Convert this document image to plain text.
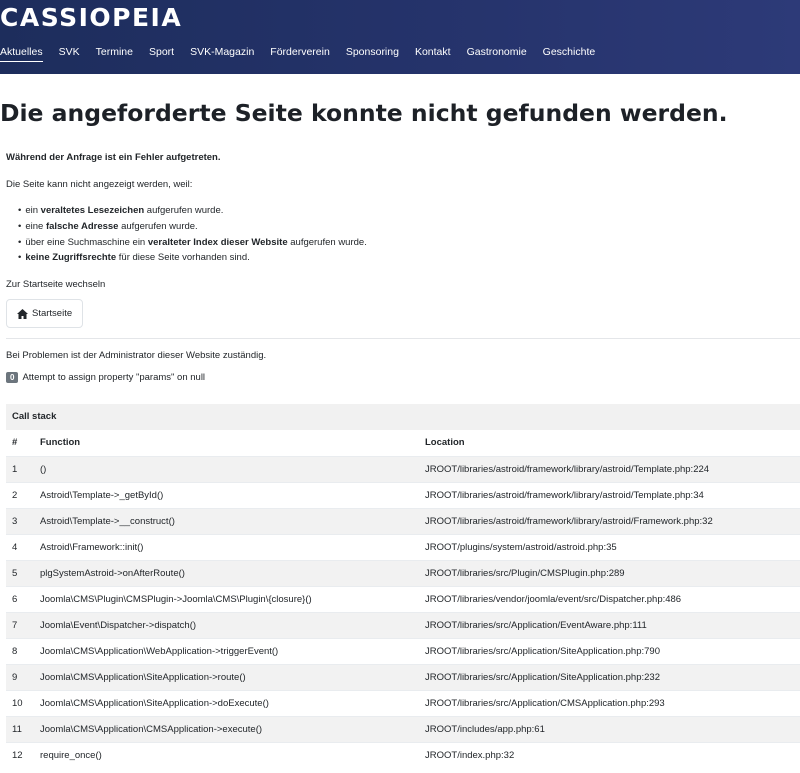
CASSIOPEIA
Aktuelles SVK Termine Sport SVK-Magazin Förderverein Sponsoring Kontakt Gastronomie Geschichte
Die angeforderte Seite konnte nicht gefunden werden.

Während der Anfrage ist ein Fehler aufgetreten.

Die Seite kann nicht angezeigt werden, weil:

• ein veraltetes Lesezeichen aufgerufen wurde.
• eine falsche Adresse aufgerufen wurde.
• über eine Suchmaschine ein veralteter Index dieser Website aufgerufen wurde.
• keine Zugriffsrechte für diese Seite vorhanden sind.

Zur Startseite wechseln

Startseite

Bei Problemen ist der Administrator dieser Website zuständig.

0 Attempt to assign property "params" on null
Call stack
#	Function	Location
1	()	JROOT/libraries/astroid/framework/library/astroid/Template.php:224
2	Astroid\Template->_getById()	JROOT/libraries/astroid/framework/library/astroid/Template.php:34
3	Astroid\Template->__construct()	JROOT/libraries/astroid/framework/library/astroid/Framework.php:32
4	Astroid\Framework::init()	JROOT/plugins/system/astroid/astroid.php:35
5	plgSystemAstroid->onAfterRoute()	JROOT/libraries/src/Plugin/CMSPlugin.php:289
6	Joomla\CMS\Plugin\CMSPlugin->Joomla\CMS\Plugin\{closure}()	JROOT/libraries/vendor/joomla/event/src/Dispatcher.php:486
7	Joomla\Event\Dispatcher->dispatch()	JROOT/libraries/src/Application/EventAware.php:111
8	Joomla\CMS\Application\WebApplication->triggerEvent()	JROOT/libraries/src/Application/SiteApplication.php:790
9	Joomla\CMS\Application\SiteApplication->route()	JROOT/libraries/src/Application/SiteApplication.php:232
10	Joomla\CMS\Application\SiteApplication->doExecute()	JROOT/libraries/src/Application/CMSApplication.php:293
11	Joomla\CMS\Application\CMSApplication->execute()	JROOT/includes/app.php:61
12	require_once()	JROOT/index.php:32
